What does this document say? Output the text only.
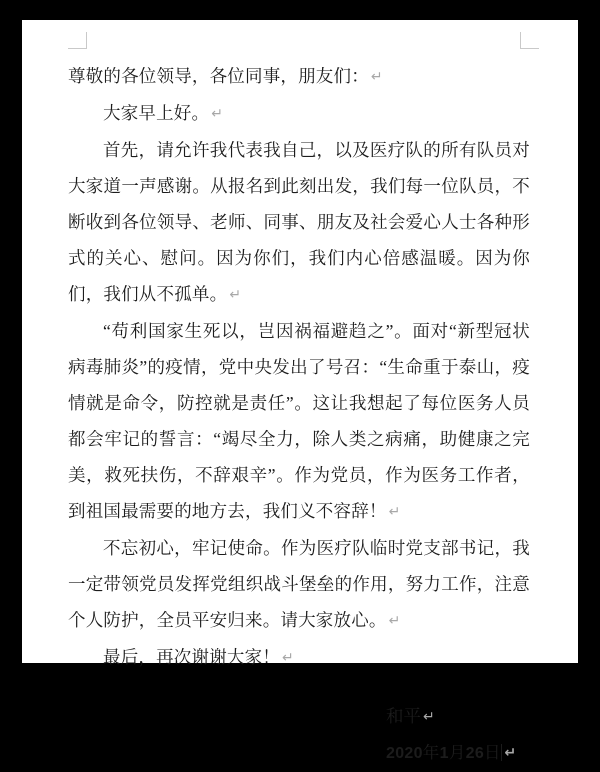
尊敬的各位领导，各位同事，朋友们： ↵

大家早上好。 ↵

首先，请允许我代表我自己，以及医疗队的所有队员对大家道一声感谢。从报名到此刻出发，我们每一位队员，不断收到各位领导、老师、同事、朋友及社会爱心人士各种形式的关心、慰问。因为你们，我们内心倍感温暖。因为你们，我们从不孤单。 ↵

“苟利国家生死以，岂因祸福避趋之”。面对“新型冠状病毒肺炎”的疫情，党中央发出了号召：“生命重于泰山，疫情就是命令，防控就是责任”。这让我想起了每位医务人员都会牢记的誓言：“竭尽全力，除人类之病痛，助健康之完美，救死扶伤，不辞艰辛”。作为党员，作为医务工作者，到祖国最需要的地方去，我们义不容辞！ ↵

不忘初心，牢记使命。作为医疗队临时党支部书记，我一定带领党员发挥党组织战斗堡垒的作用，努力工作，注意个人防护，全员平安归来。请大家放心。 ↵

最后，再次谢谢大家！ ↵

和平 ↵

2020年1月26日 ↵
